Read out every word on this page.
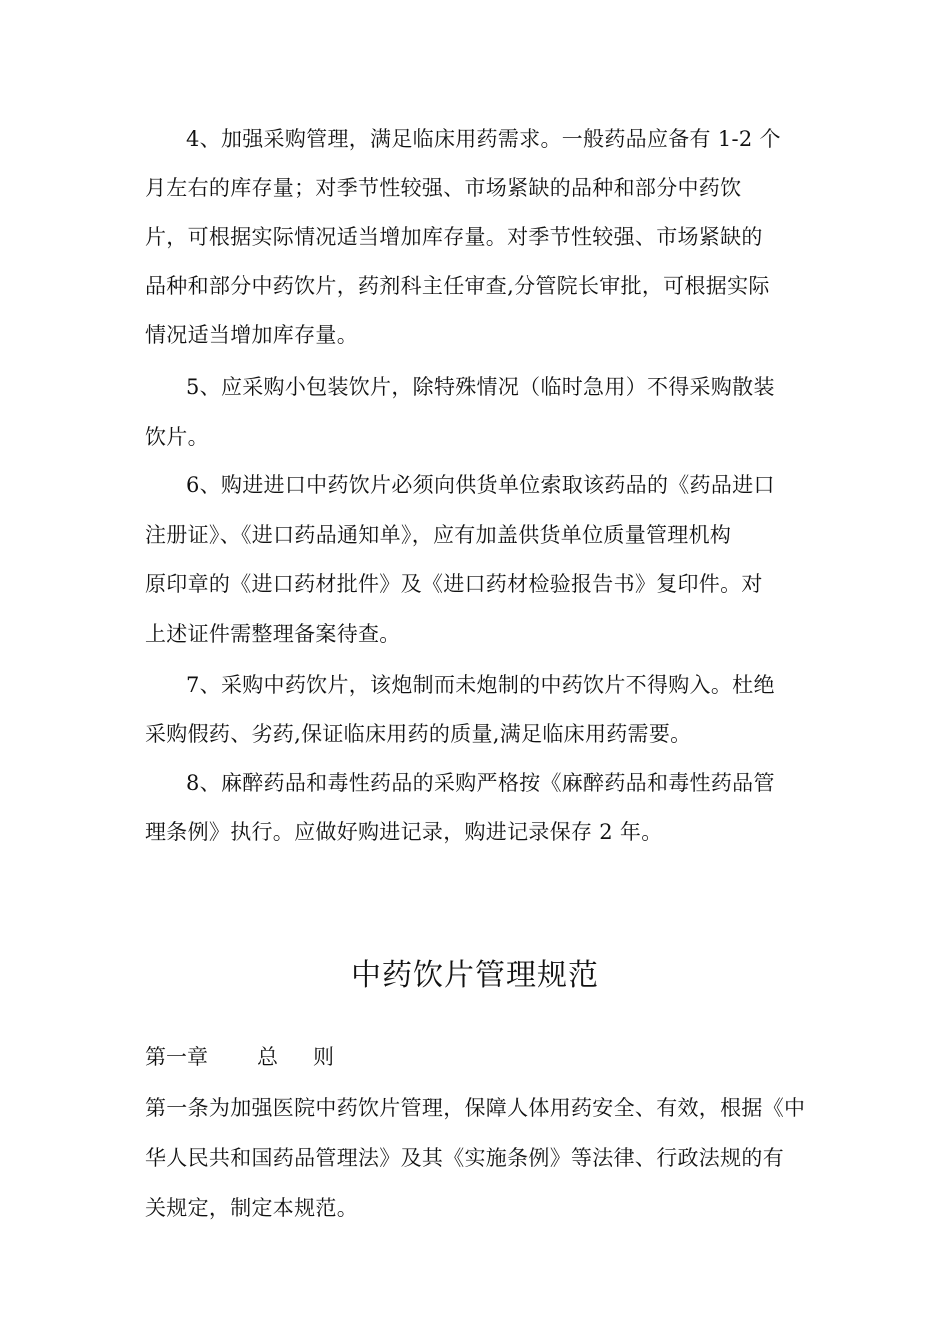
4、加强采购管理，满足临床用药需求。一般药品应备有 1-2 个
月左右的库存量；对季节性较强、市场紧缺的品种和部分中药饮
片，可根据实际情况适当增加库存量。对季节性较强、市场紧缺的
品种和部分中药饮片，药剂科主任审查,分管院长审批，可根据实际
情况适当增加库存量。
5、应采购小包装饮片，除特殊情况（临时急用）不得采购散装
饮片。
6、购进进口中药饮片必须向供货单位索取该药品的《药品进口
注册证》、《进口药品通知单》，应有加盖供货单位质量管理机构
原印章的《进口药材批件》及《进口药材检验报告书》复印件。对
上述证件需整理备案待查。
7、采购中药饮片，该炮制而未炮制的中药饮片不得购入。杜绝
采购假药、劣药,保证临床用药的质量,满足临床用药需要。
8、麻醉药品和毒性药品的采购严格按《麻醉药品和毒性药品管
理条例》执行。应做好购进记录，购进记录保存 2 年。
中药饮片管理规范
第一章 总 则
第一条为加强医院中药饮片管理，保障人体用药安全、有效，根据《中
华人民共和国药品管理法》及其《实施条例》等法律、行政法规的有
关规定，制定本规范。
